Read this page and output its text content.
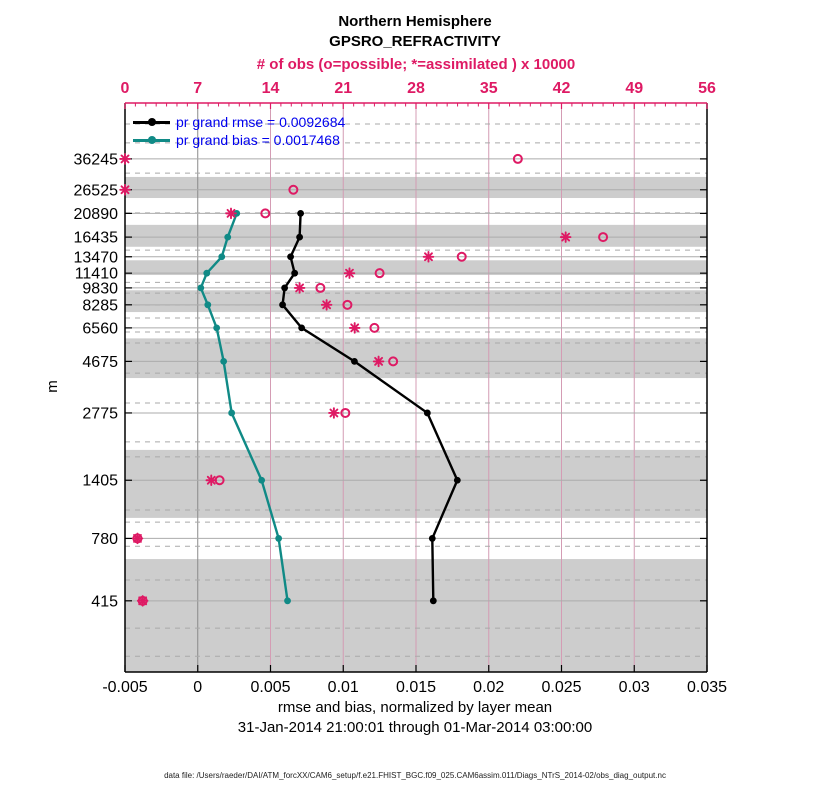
Northern Hemisphere
GPSRO_REFRACTIVITY
# of obs (o=possible; *=assimilated ) x 10000
36245
26525
20890
16435
13470
11410
9830
8285
6560
4675
2775
1405
780
415
-0.005	0	0.005 0.01 0.015 0.02 0.025 0.03 0.035
0	7	14	21	28	35	42	49	56
pr grand rmse = 0.0092684
pr grand bias = 0.0017468
m
rmse and bias, normalized by layer mean
31-Jan-2014 21:00:01 through 01-Mar-2014 03:00:00
data file: /Users/raeder/DAI/ATM_forcXX/CAM6_setup/f.e21.FHIST_BGC.f09_025.CAM6assim.011/Diags_NTrS_2014-02/obs_diag_output.nc
